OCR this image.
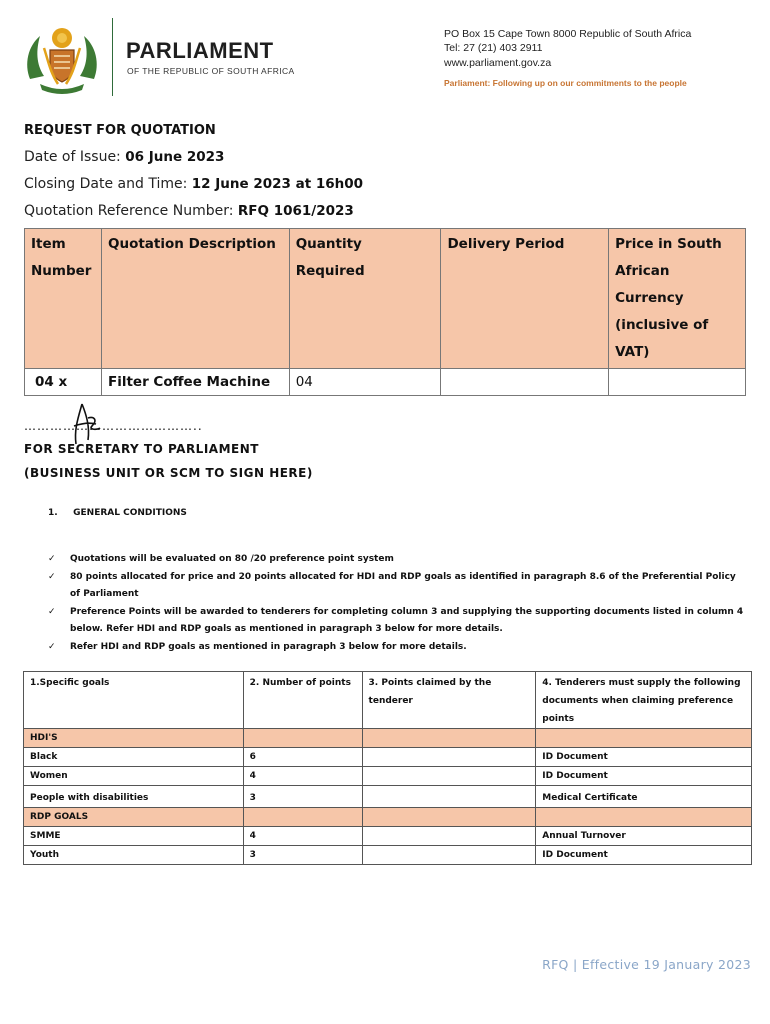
PARLIAMENT
OF THE REPUBLIC OF SOUTH AFRICA
PO Box 15 Cape Town 8000 Republic of South Africa
Tel: 27 (21) 403 2911
www.parliament.gov.za
Parliament: Following up on our commitments to the people
REQUEST FOR QUOTATION
Date of Issue: 06 June 2023
Closing Date and Time: 12 June 2023 at 16h00
Quotation Reference Number: RFQ 1061/2023
Item Number	Quotation Description	Quantity Required	Delivery Period	Price in South African Currency (inclusive of VAT)
04 x	Filter Coffee Machine	04		
…………………………………..
FOR SECRETARY TO PARLIAMENT
(BUSINESS UNIT OR SCM TO SIGN HERE)
1. GENERAL CONDITIONS
✓ Quotations will be evaluated on 80 /20 preference point system
✓ 80 points allocated for price and 20 points allocated for HDI and RDP goals as identified in paragraph 8.6 of the Preferential Policy of Parliament
✓ Preference Points will be awarded to tenderers for completing column 3 and supplying the supporting documents listed in column 4 below. Refer HDI and RDP goals as mentioned in paragraph 3 below for more details.
✓ Refer HDI and RDP goals as mentioned in paragraph 3 below for more details.
1.Specific goals	2. Number of points	3. Points claimed by the tenderer	4. Tenderers must supply the following documents when claiming preference points
HDI'S			
Black	6		ID Document
Women	4		ID Document
People with disabilities	3		Medical Certificate
RDP GOALS			
SMME	4		Annual Turnover
Youth	3		ID Document
RFQ | Effective 19 January 2023
